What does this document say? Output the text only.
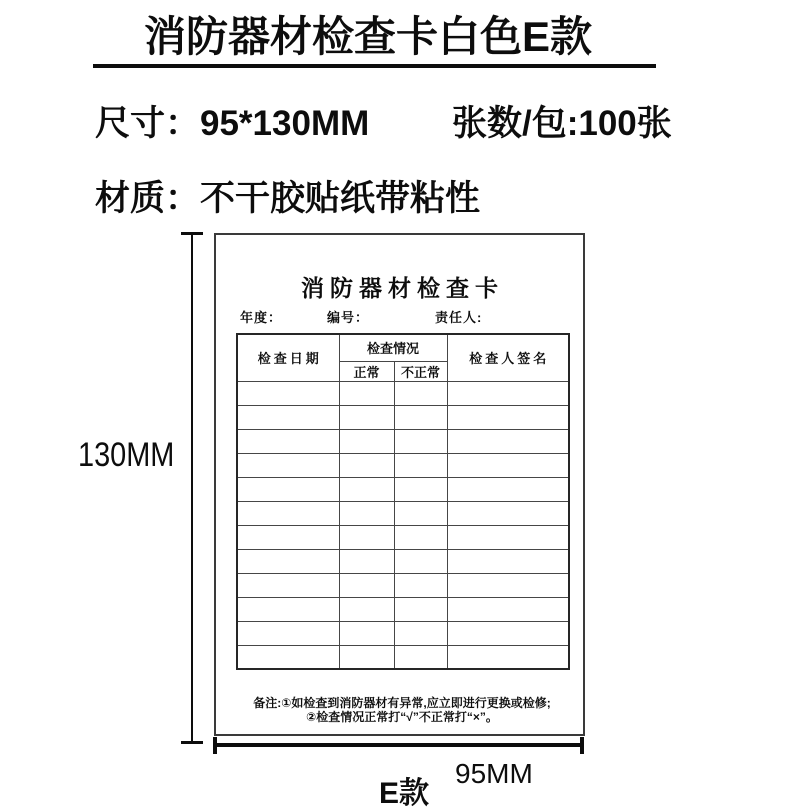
消防器材检查卡白色E款
尺寸：95*130MM 张数/包:100张
材质：不干胶贴纸带粘性
消防器材检查卡
年度：	编号：	责任人:
检查日期	检查情况		检查人签名
	正常	不正常	

备注:①如检查到消防器材有异常,应立即进行更换或检修;
②检查情况正常打“√”不正常打“×”。
130MM
95MM
E款
